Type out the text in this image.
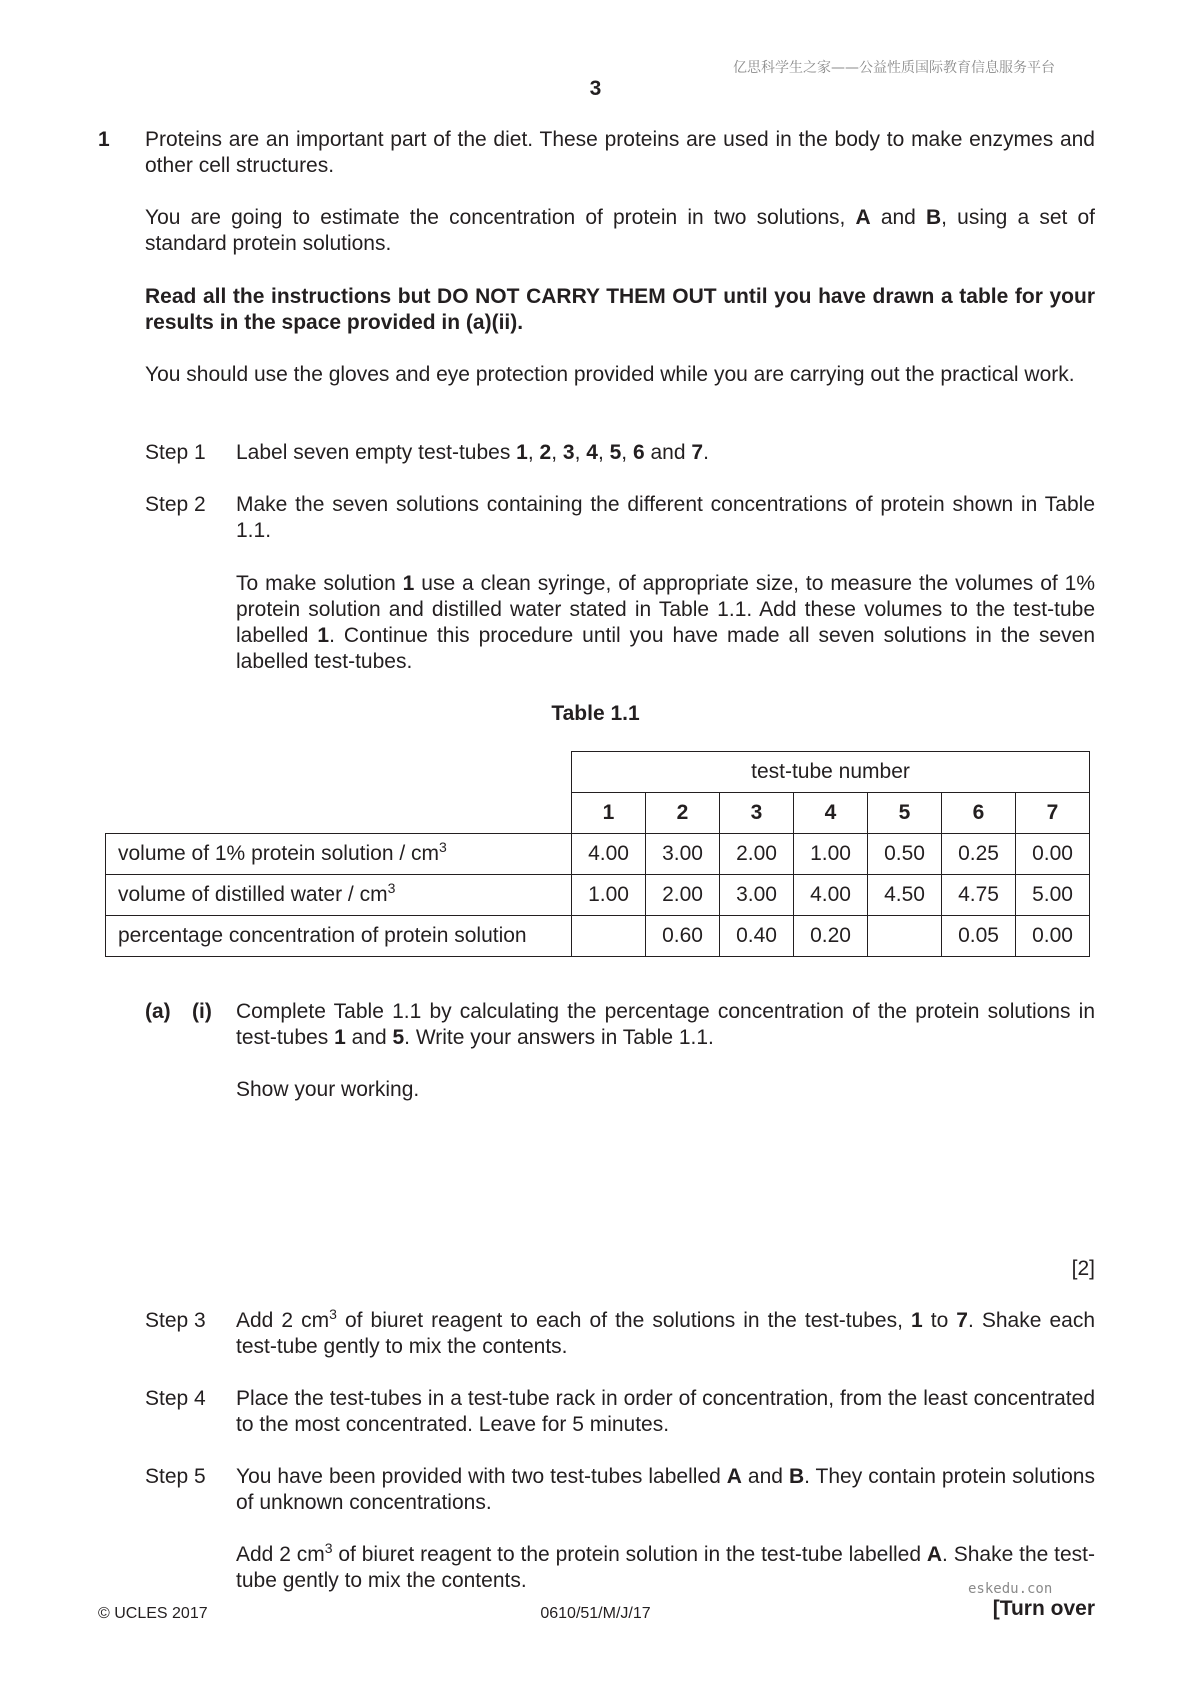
亿思科学生之家——公益性质国际教育信息服务平台
3
1 Proteins are an important part of the diet. These proteins are used in the body to make enzymes and other cell structures.
You are going to estimate the concentration of protein in two solutions, A and B, using a set of standard protein solutions.
Read all the instructions but DO NOT CARRY THEM OUT until you have drawn a table for your results in the space provided in (a)(ii).
You should use the gloves and eye protection provided while you are carrying out the practical work.
Step 1 Label seven empty test-tubes 1, 2, 3, 4, 5, 6 and 7.
Step 2 Make the seven solutions containing the different concentrations of protein shown in Table 1.1.
To make solution 1 use a clean syringe, of appropriate size, to measure the volumes of 1% protein solution and distilled water stated in Table 1.1. Add these volumes to the test-tube labelled 1. Continue this procedure until you have made all seven solutions in the seven labelled test-tubes.
Table 1.1
	test-tube number						
	1	2	3	4	5	6	7
volume of 1% protein solution / $cm^3$	4.00	3.00	2.00	1.00	0.50	0.25	0.00
volume of distilled water / $cm^3$	1.00	2.00	3.00	4.00	4.50	4.75	5.00
percentage concentration of protein solution		0.60	0.40	0.20		0.05	0.00
(a) (i) Complete Table 1.1 by calculating the percentage concentration of the protein solutions in test-tubes 1 and 5. Write your answers in Table 1.1.
Show your working.
[2]
Step 3 Add 2 $cm^3$ of biuret reagent to each of the solutions in the test-tubes, 1 to 7. Shake each test-tube gently to mix the contents.
Step 4 Place the test-tubes in a test-tube rack in order of concentration, from the least concentrated to the most concentrated. Leave for 5 minutes.
Step 5 You have been provided with two test-tubes labelled A and B. They contain protein solutions of unknown concentrations.
Add 2 $cm^3$ of biuret reagent to the protein solution in the test-tube labelled A. Shake the test-tube gently to mix the contents.	eskedu.con
© UCLES 2017	0610/51/M/J/17	[Turn over
